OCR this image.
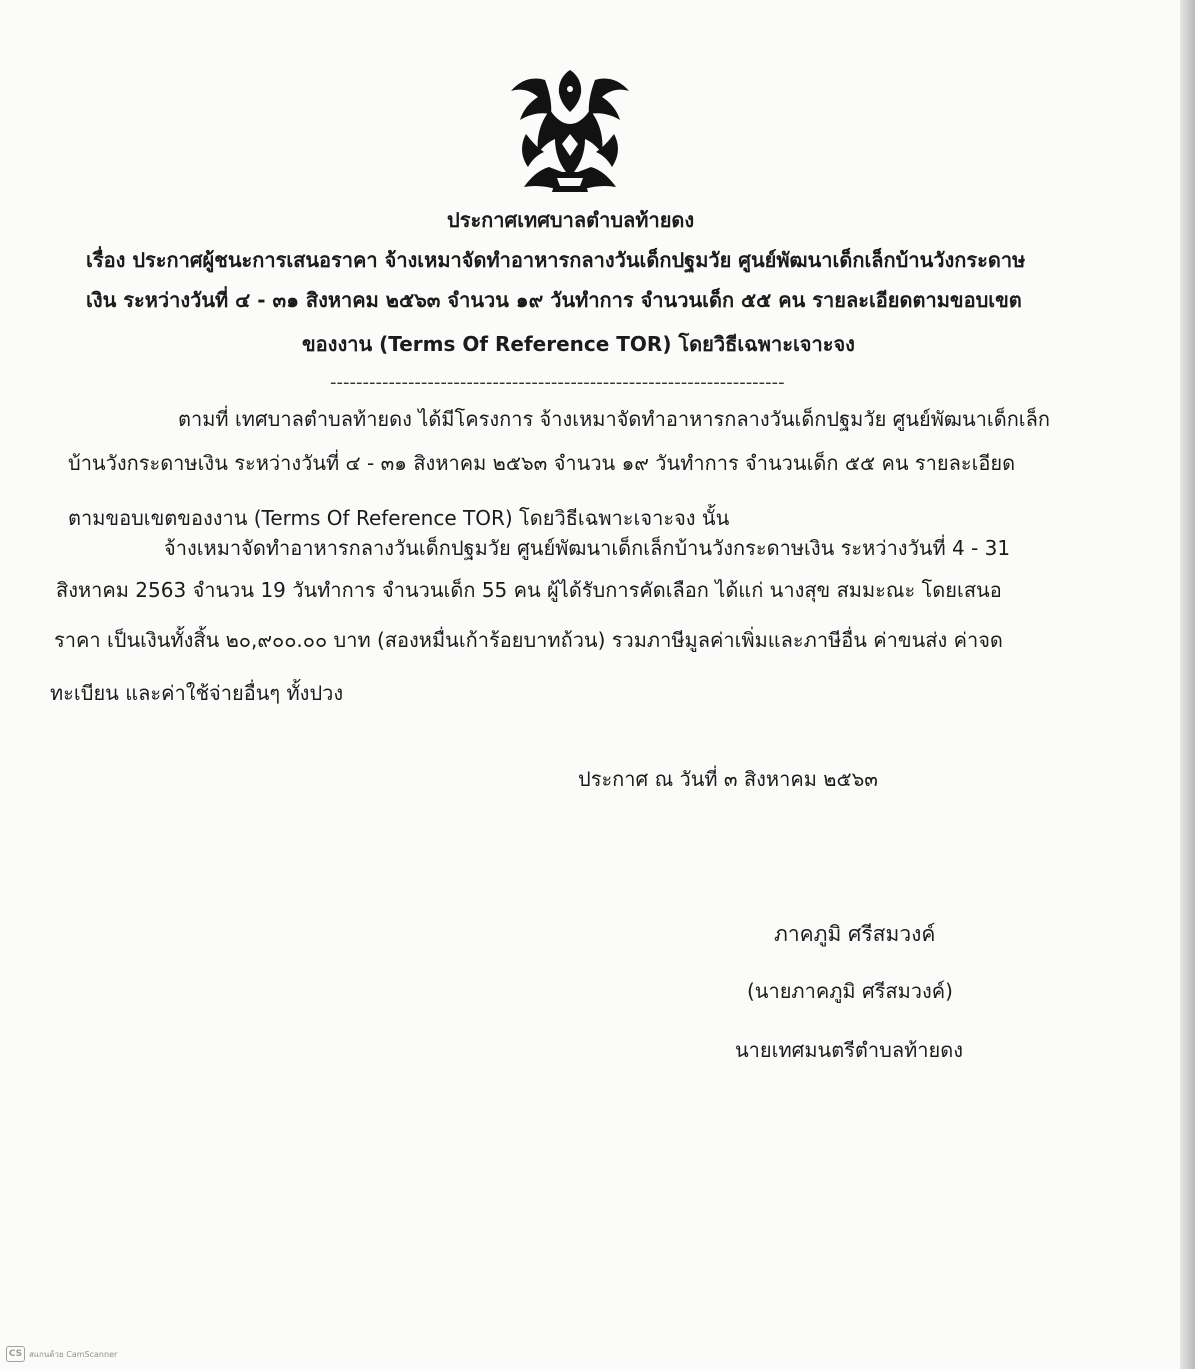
ประกาศเทศบาลตำบลท้ายดง
เรื่อง ประกาศผู้ชนะการเสนอราคา จ้างเหมาจัดทำอาหารกลางวันเด็กปฐมวัย ศูนย์พัฒนาเด็กเล็กบ้านวังกระดาษ
เงิน ระหว่างวันที่ ๔ - ๓๑ สิงหาคม ๒๕๖๓ จำนวน ๑๙ วันทำการ จำนวนเด็ก ๕๕ คน รายละเอียดตามขอบเขต
ของงาน (Terms Of Reference TOR) โดยวิธีเฉพาะเจาะจง
----------------------------------------------------------------------
ตามที่ เทศบาลตำบลท้ายดง ได้มีโครงการ จ้างเหมาจัดทำอาหารกลางวันเด็กปฐมวัย ศูนย์พัฒนาเด็กเล็ก
บ้านวังกระดาษเงิน ระหว่างวันที่ ๔ - ๓๑ สิงหาคม ๒๕๖๓ จำนวน ๑๙ วันทำการ จำนวนเด็ก ๕๕ คน รายละเอียด
ตามขอบเขตของงาน (Terms Of Reference TOR) โดยวิธีเฉพาะเจาะจง นั้น
จ้างเหมาจัดทำอาหารกลางวันเด็กปฐมวัย ศูนย์พัฒนาเด็กเล็กบ้านวังกระดาษเงิน ระหว่างวันที่ 4 - 31
สิงหาคม 2563 จำนวน 19 วันทำการ จำนวนเด็ก 55 คน ผู้ได้รับการคัดเลือก ได้แก่ นางสุข สมมะณะ โดยเสนอ
ราคา เป็นเงินทั้งสิ้น ๒๐,๙๐๐.๐๐ บาท (สองหมื่นเก้าร้อยบาทถ้วน) รวมภาษีมูลค่าเพิ่มและภาษีอื่น ค่าขนส่ง ค่าจด
ทะเบียน และค่าใช้จ่ายอื่นๆ ทั้งปวง
ประกาศ ณ วันที่ ๓ สิงหาคม ๒๕๖๓
ภาคภูมิ ศรีสมวงค์
(นายภาคภูมิ ศรีสมวงค์)
นายเทศมนตรีตำบลท้ายดง
CS สแกนด้วย CamScanner
